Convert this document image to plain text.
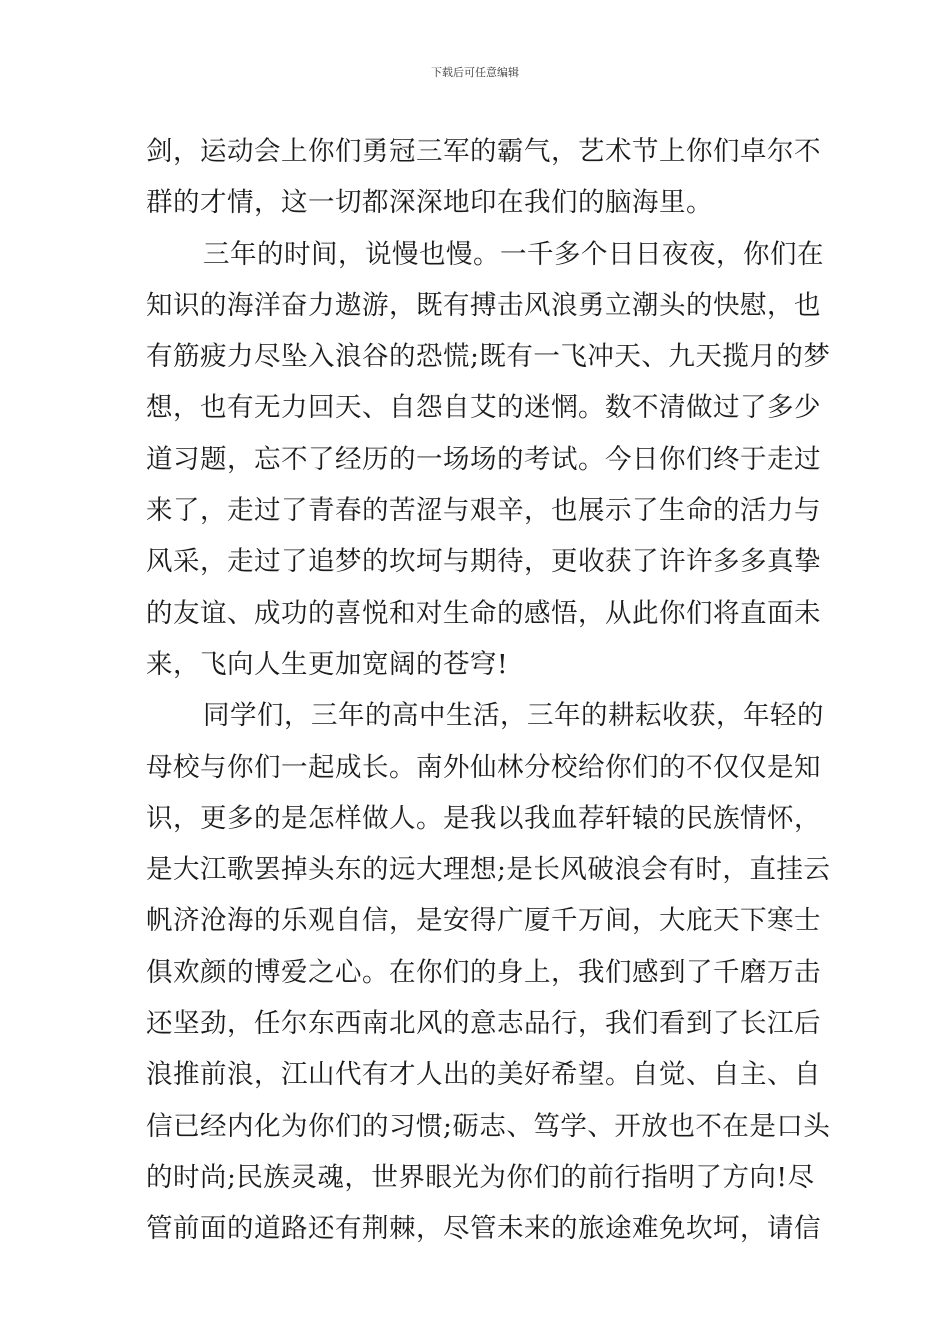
下载后可任意编辑
剑，运动会上你们勇冠三军的霸气，艺术节上你们卓尔不
群的才情，这一切都深深地印在我们的脑海里。
三年的时间，说慢也慢。一千多个日日夜夜，你们在
知识的海洋奋力遨游，既有搏击风浪勇立潮头的快慰，也
有筋疲力尽坠入浪谷的恐慌;既有一飞冲天、九天揽月的梦
想，也有无力回天、自怨自艾的迷惘。数不清做过了多少
道习题，忘不了经历的一场场的考试。今日你们终于走过
来了，走过了青春的苦涩与艰辛，也展示了生命的活力与
风采，走过了追梦的坎坷与期待，更收获了许许多多真挚
的友谊、成功的喜悦和对生命的感悟，从此你们将直面未
来，飞向人生更加宽阔的苍穹!
同学们，三年的高中生活，三年的耕耘收获，年轻的
母校与你们一起成长。南外仙林分校给你们的不仅仅是知
识，更多的是怎样做人。是我以我血荐轩辕的民族情怀，
是大江歌罢掉头东的远大理想;是长风破浪会有时，直挂云
帆济沧海的乐观自信，是安得广厦千万间，大庇天下寒士
俱欢颜的博爱之心。在你们的身上，我们感到了千磨万击
还坚劲，任尔东西南北风的意志品行，我们看到了长江后
浪推前浪，江山代有才人出的美好希望。自觉、自主、自
信已经内化为你们的习惯;砺志、笃学、开放也不在是口头
的时尚;民族灵魂，世界眼光为你们的前行指明了方向!尽
管前面的道路还有荆棘，尽管未来的旅途难免坎坷，请信
